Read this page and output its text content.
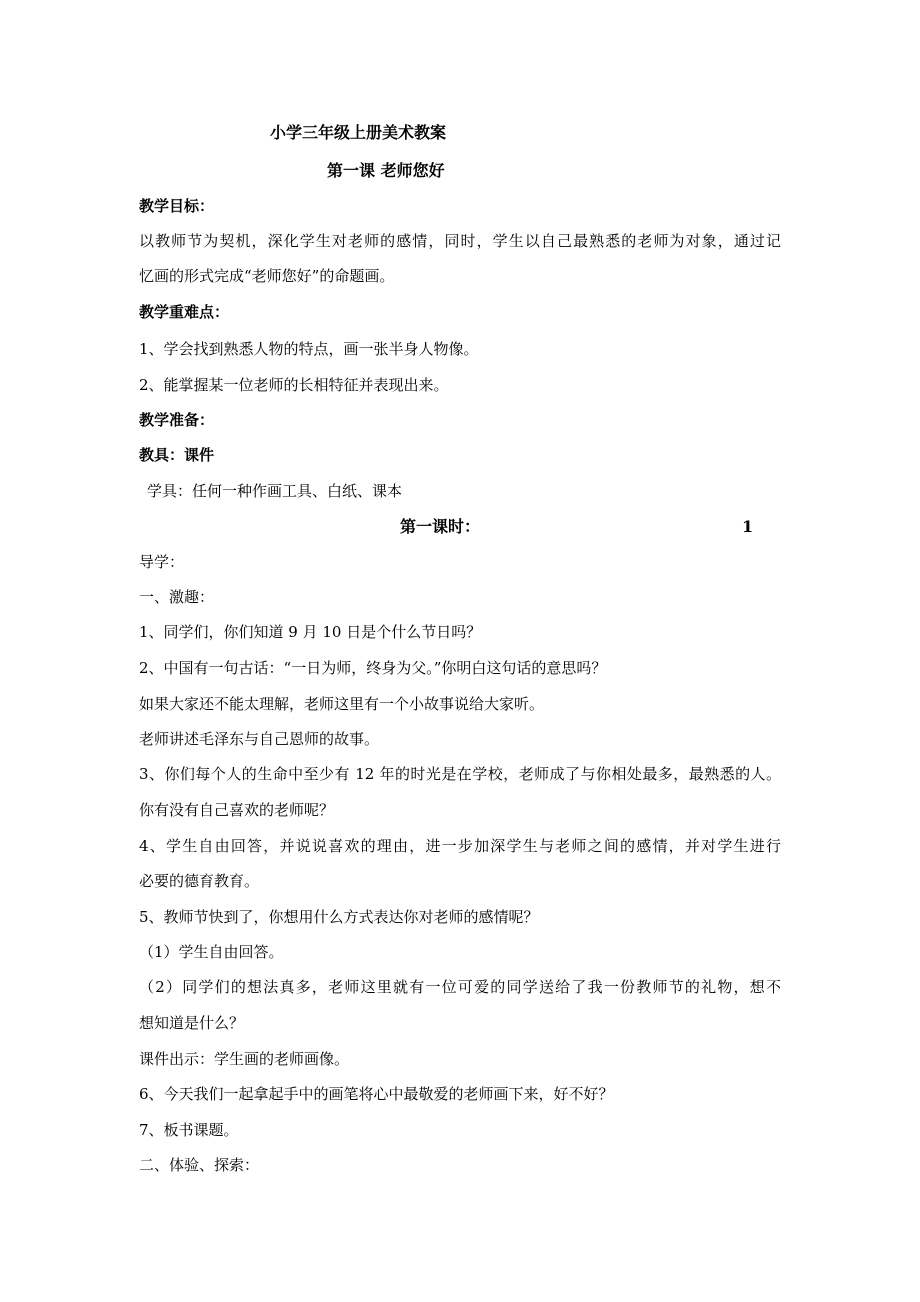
小学三年级上册美术教案
第一课 老师您好
教学目标：
以教师节为契机，深化学生对老师的感情，同时，学生以自己最熟悉的老师为对象，通过记
忆画的形式完成“老师您好”的命题画。
教学重难点：
1、学会找到熟悉人物的特点，画一张半身人物像。
2、能掌握某一位老师的长相特征并表现出来。
教学准备：
教具：课件
学具：任何一种作画工具、白纸、课本
第一课时：	1
导学：
一、激趣：
1、同学们，你们知道 9 月 10 日是个什么节日吗？
2、中国有一句古话：“一日为师，终身为父。”你明白这句话的意思吗？
如果大家还不能太理解，老师这里有一个小故事说给大家听。
老师讲述毛泽东与自己恩师的故事。
3、你们每个人的生命中至少有 12 年的时光是在学校，老师成了与你相处最多，最熟悉的人。
你有没有自己喜欢的老师呢？
4、学生自由回答，并说说喜欢的理由，进一步加深学生与老师之间的感情，并对学生进行
必要的德育教育。
5、教师节快到了，你想用什么方式表达你对老师的感情呢？
（1）学生自由回答。
（2）同学们的想法真多，老师这里就有一位可爱的同学送给了我一份教师节的礼物，想不
想知道是什么？
课件出示：学生画的老师画像。
6、今天我们一起拿起手中的画笔将心中最敬爱的老师画下来，好不好？
7、板书课题。
二、体验、探索：
